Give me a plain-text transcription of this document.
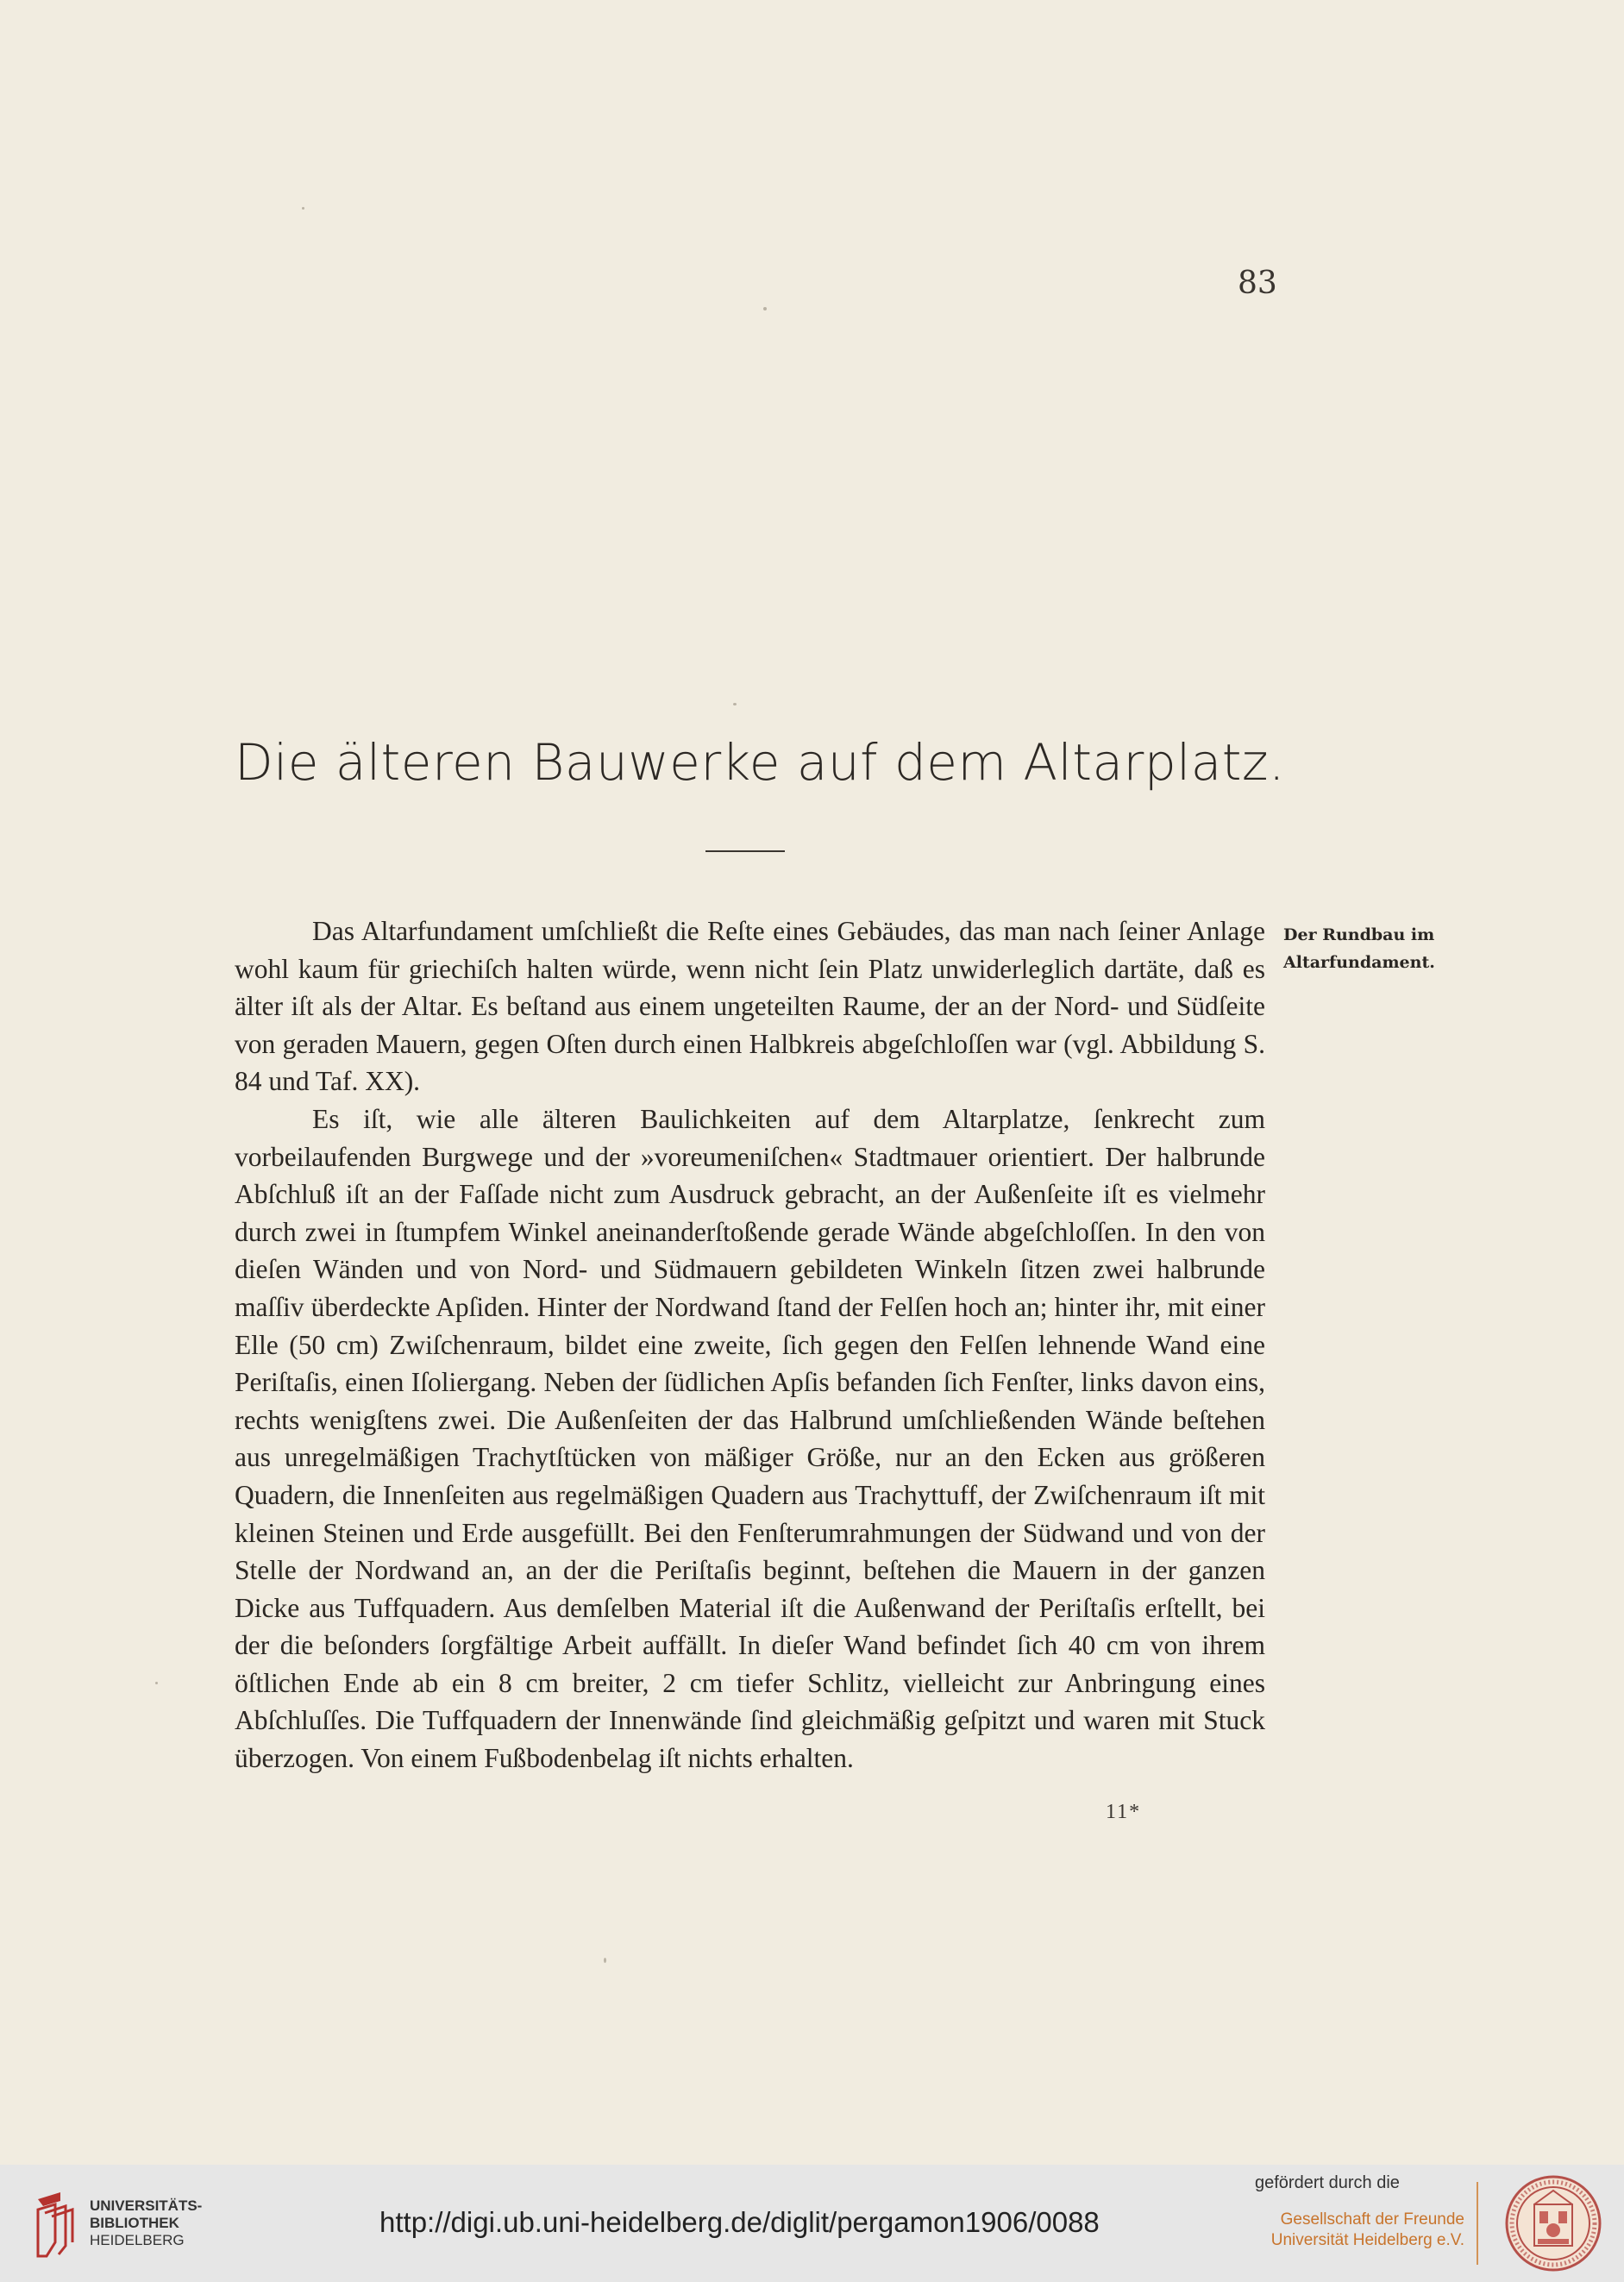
83
Die älteren Bauwerke auf dem Altarplatz.

Das Altarfundament umſchließt die Reſte eines Gebäudes, das man nach ſeiner Anlage wohl kaum für griechiſch halten würde, wenn nicht ſein Platz unwiderleglich dartäte, daß es älter iſt als der Altar. Es beſtand aus einem ungeteilten Raume, der an der Nord- und Südſeite von geraden Mauern, gegen Oſten durch einen Halbkreis abgeſchloſſen war (vgl. Abbildung S. 84 und Taf. XX).

Es iſt, wie alle älteren Baulichkeiten auf dem Altarplatze, ſenkrecht zum vorbeilaufenden Burgwege und der »voreumeniſchen« Stadtmauer orientiert. Der halbrunde Abſchluß iſt an der Faſſade nicht zum Ausdruck gebracht, an der Außenſeite iſt es vielmehr durch zwei in ſtumpfem Winkel aneinanderſtoßende gerade Wände abgeſchloſſen. In den von dieſen Wänden und von Nord- und Südmauern gebildeten Winkeln ſitzen zwei halbrunde maſſiv überdeckte Apſiden. Hinter der Nordwand ſtand der Felſen hoch an; hinter ihr, mit einer Elle (50 cm) Zwiſchenraum, bildet eine zweite, ſich gegen den Felſen lehnende Wand eine Periſtaſis, einen Iſoliergang. Neben der ſüdlichen Apſis befanden ſich Fenſter, links davon eins, rechts wenigſtens zwei. Die Außenſeiten der das Halbrund umſchließenden Wände beſtehen aus unregelmäßigen Trachytſtücken von mäßiger Größe, nur an den Ecken aus größeren Quadern, die Innenſeiten aus regelmäßigen Quadern aus Trachyttuff, der Zwiſchenraum iſt mit kleinen Steinen und Erde ausgefüllt. Bei den Fenſterumrahmungen der Südwand und von der Stelle der Nordwand an, an der die Periſtaſis beginnt, beſtehen die Mauern in der ganzen Dicke aus Tuffquadern. Aus demſelben Material iſt die Außenwand der Periſtaſis erſtellt, bei der die beſonders ſorgfältige Arbeit auffällt. In dieſer Wand befindet ſich 40 cm von ihrem öſtlichen Ende ab ein 8 cm breiter, 2 cm tiefer Schlitz, vielleicht zur Anbringung eines Abſchluſſes. Die Tuffquadern der Innenwände ſind gleichmäßig geſpitzt und waren mit Stuck überzogen. Von einem Fußbodenbelag iſt nichts erhalten.

Der Rundbau im
Altarfundament.
11*
UNIVERSITÄTS-
BIBLIOTHEK
HEIDELBERG
http://digi.ub.uni-heidelberg.de/diglit/pergamon1906/0088
gefördert durch die
Gesellschaft der Freunde
Universität Heidelberg e.V.
